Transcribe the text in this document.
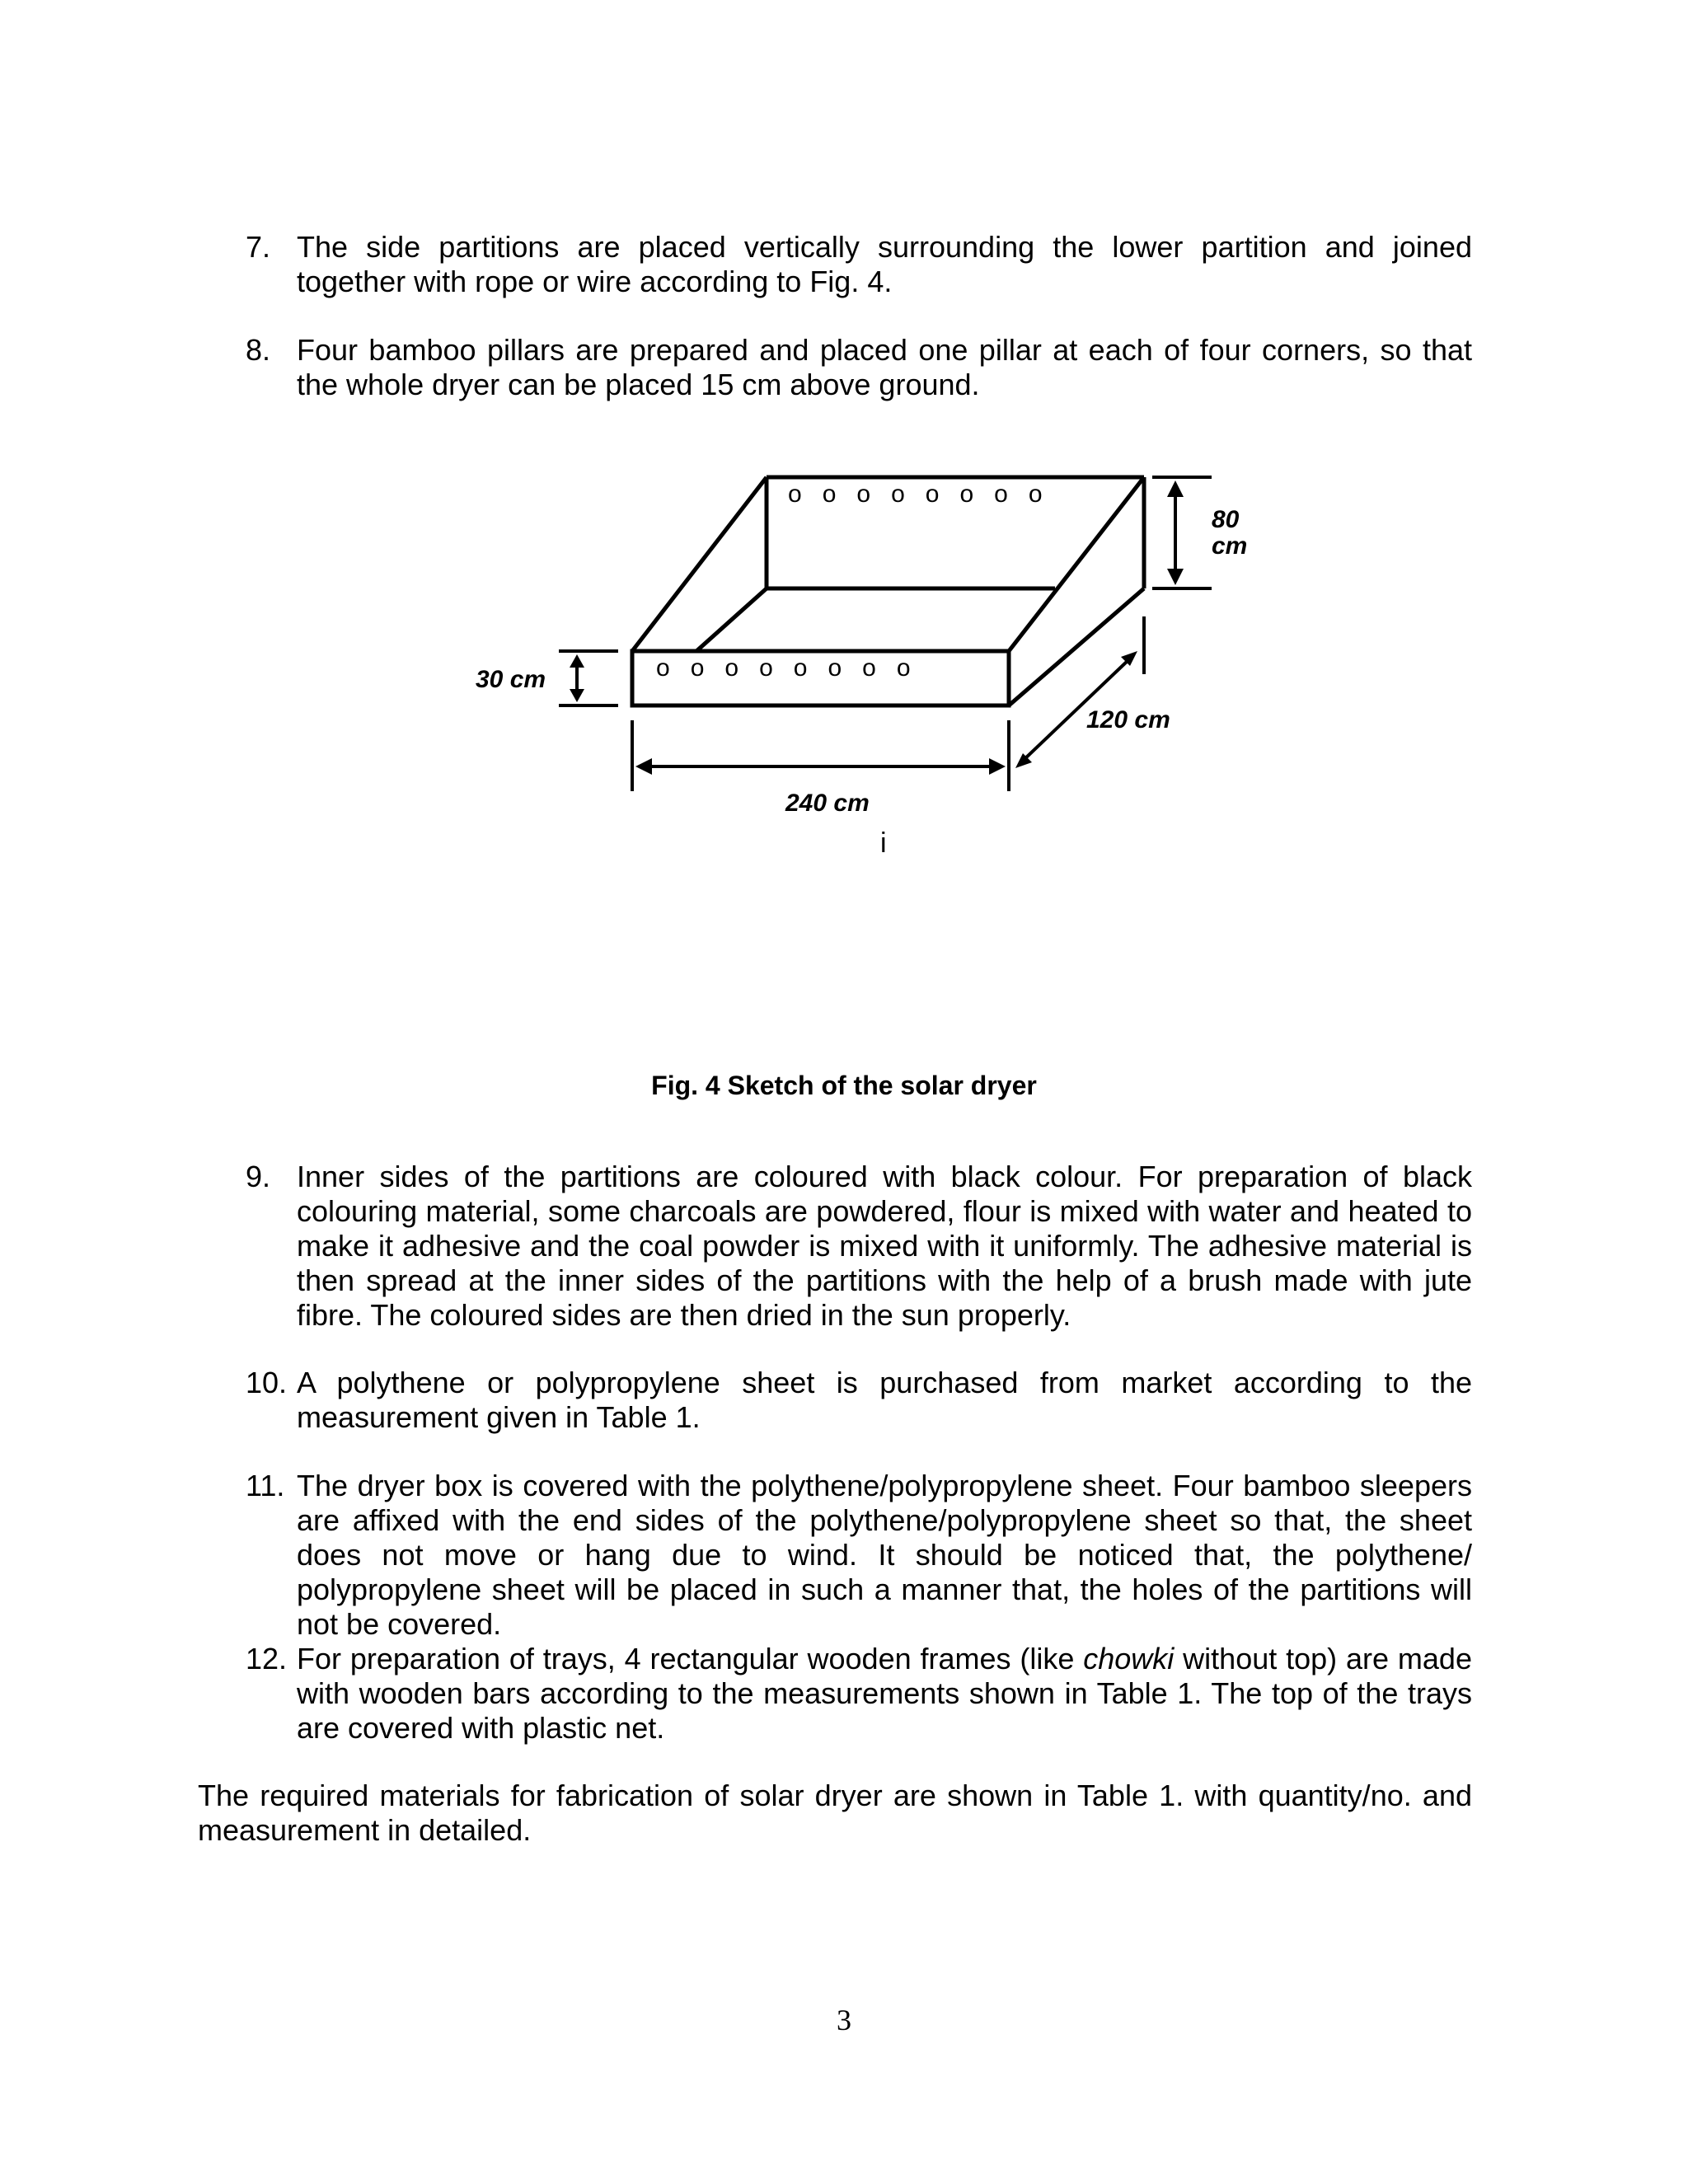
7. The side partitions are placed vertically surrounding the lower partition and joined together with rope or wire according to Fig. 4.

8. Four bamboo pillars are prepared and placed one pillar at each of four corners, so that the whole dryer can be placed 15 cm above ground.

o   o   o   o   o   o   o   o
o   o   o   o   o   o   o   o
80
cm
30 cm
120 cm
240 cm
i
Fig. 4 Sketch of the solar dryer
9. Inner sides of the partitions are coloured with black colour. For preparation of black colouring material, some charcoals are powdered, flour is mixed with water and heated to make it adhesive and the coal powder is mixed with it uniformly. The adhesive material is then spread at the inner sides of the partitions with the help of a brush made with jute fibre. The coloured sides are then dried in the sun properly.

10. A polythene or polypropylene sheet is purchased from market according to the measurement given in Table 1.

11. The dryer box is covered with the polythene/polypropylene sheet. Four bamboo sleepers are affixed with the end sides of the polythene/polypropylene sheet so that, the sheet does not move or hang due to wind. It should be noticed that, the polythene/ polypropylene sheet will be placed in such a manner that, the holes of the partitions will not be covered.

12. For preparation of trays, 4 rectangular wooden frames (like chowki without top) are made with wooden bars according to the measurements shown in Table 1. The top of the trays are covered with plastic net.

The required materials for fabrication of solar dryer are shown in Table 1. with quantity/no. and measurement in detailed.
3
